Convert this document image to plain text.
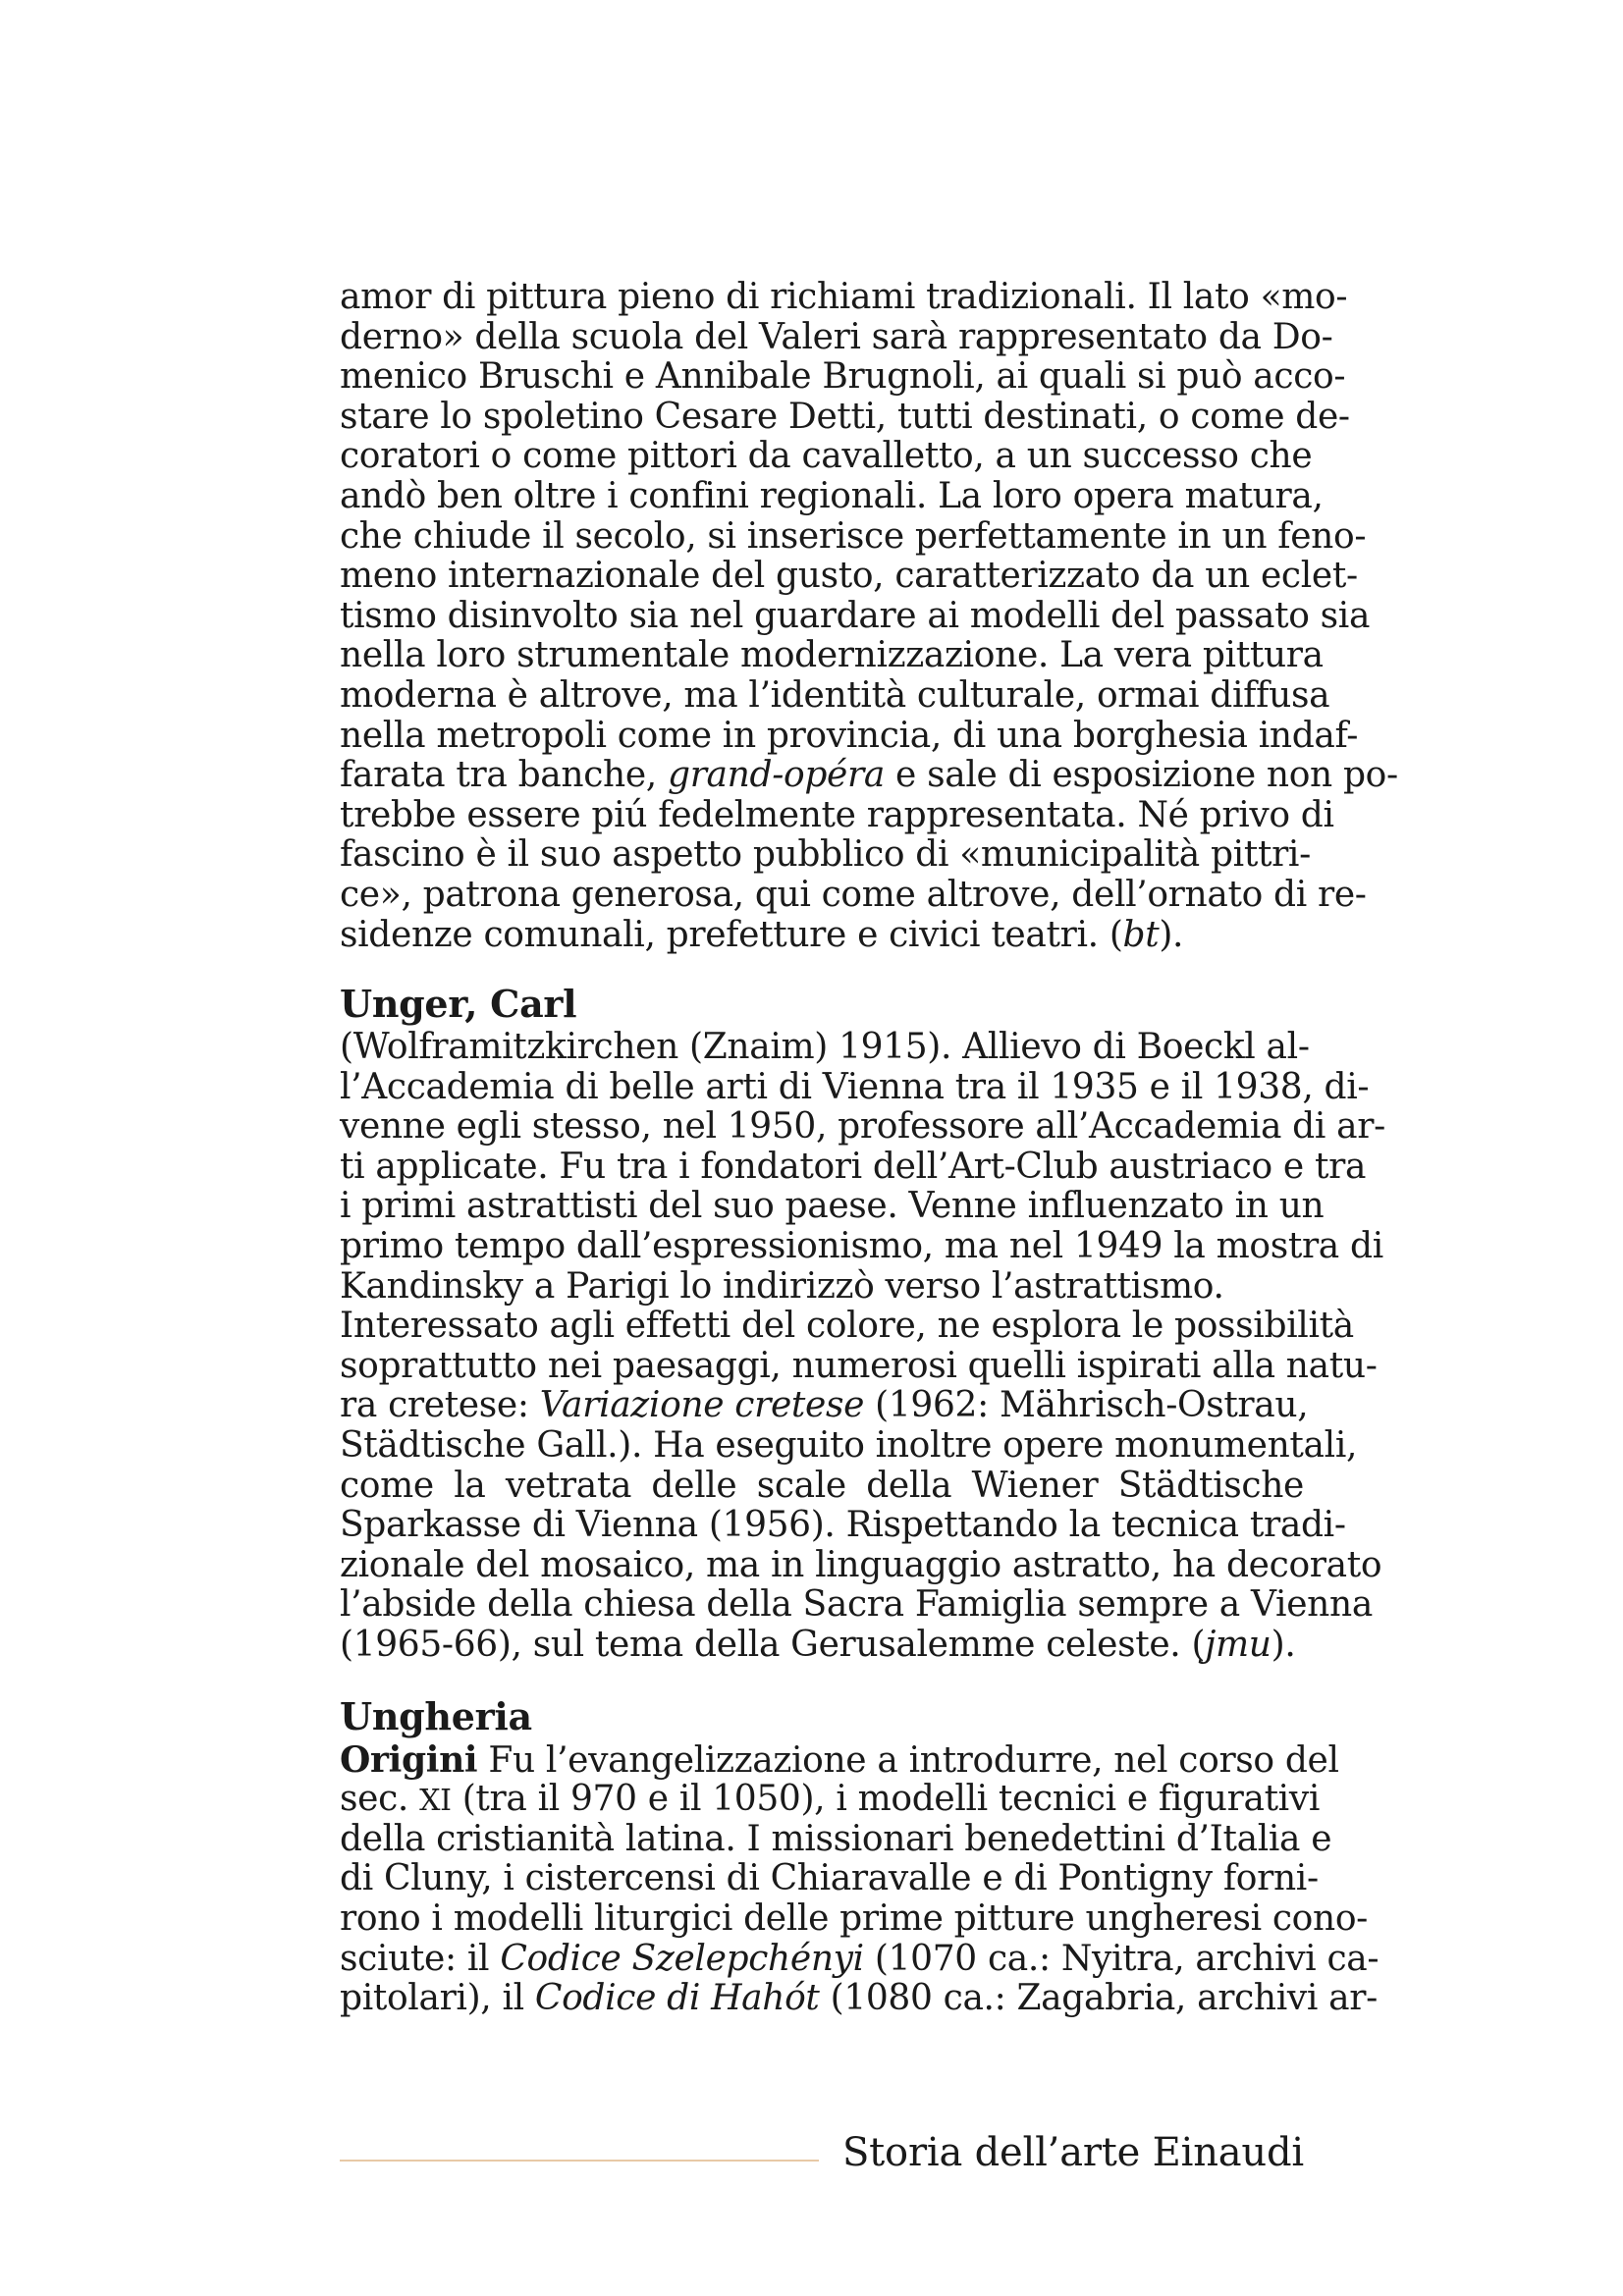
amor di pittura pieno di richiami tradizionali. Il lato «mo-
derno» della scuola del Valeri sarà rappresentato da Do-
menico Bruschi e Annibale Brugnoli, ai quali si può acco-
stare lo spoletino Cesare Detti, tutti destinati, o come de-
coratori o come pittori da cavalletto, a un successo che
andò ben oltre i confini regionali. La loro opera matura,
che chiude il secolo, si inserisce perfettamente in un feno-
meno internazionale del gusto, caratterizzato da un eclet-
tismo disinvolto sia nel guardare ai modelli del passato sia
nella loro strumentale modernizzazione. La vera pittura
moderna è altrove, ma l’identità culturale, ormai diffusa
nella metropoli come in provincia, di una borghesia indaf-
farata tra banche, grand-opéra e sale di esposizione non po-
trebbe essere piú fedelmente rappresentata. Né privo di
fascino è il suo aspetto pubblico di «municipalità pittri-
ce», patrona generosa, qui come altrove, dell’ornato di re-
sidenze comunali, prefetture e civici teatri. (bt).
Unger, Carl
(Wolframitzkirchen (Znaim) 1915). Allievo di Boeckl al-
l’Accademia di belle arti di Vienna tra il 1935 e il 1938, di-
venne egli stesso, nel 1950, professore all’Accademia di ar-
ti applicate. Fu tra i fondatori dell’Art-Club austriaco e tra
i primi astrattisti del suo paese. Venne influenzato in un
primo tempo dall’espressionismo, ma nel 1949 la mostra di
Kandinsky a Parigi lo indirizzò verso l’astrattismo.
Interessato agli effetti del colore, ne esplora le possibilità
soprattutto nei paesaggi, numerosi quelli ispirati alla natu-
ra cretese: Variazione cretese (1962: Mährisch-Ostrau,
Städtische Gall.). Ha eseguito inoltre opere monumentali,
come la vetrata delle scale della Wiener Städtische
Sparkasse di Vienna (1956). Rispettando la tecnica tradi-
zionale del mosaico, ma in linguaggio astratto, ha decorato
l’abside della chiesa della Sacra Famiglia sempre a Vienna
(1965-66), sul tema della Gerusalemme celeste. (jmu).
Ungheria
Origini Fu l’evangelizzazione a introdurre, nel corso del
sec. XI (tra il 970 e il 1050), i modelli tecnici e figurativi
della cristianità latina. I missionari benedettini d’Italia e
di Cluny, i cistercensi di Chiaravalle e di Pontigny forni-
rono i modelli liturgici delle prime pitture ungheresi cono-
sciute: il Codice Szelepchényi (1070 ca.: Nyitra, archivi ca-
pitolari), il Codice di Hahót (1080 ca.: Zagabria, archivi ar-
Storia dell’arte Einaudi
